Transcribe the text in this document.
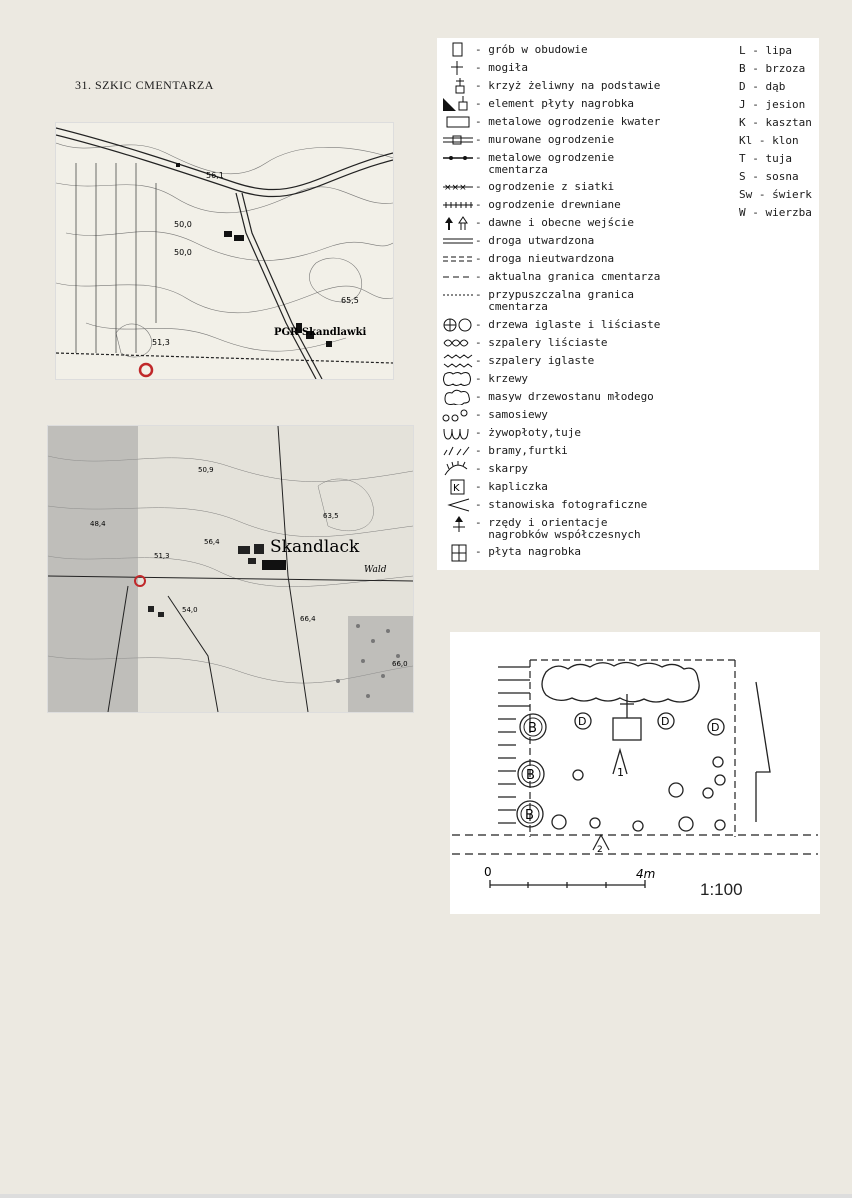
31. SZKIC CMENTARZA
56,1
50,0
50,0
65,5
51,3
PGR Skandlawki
50,9
48,4
56,4
51,3
63,5
Skandlack
Wald
54,0
66,4
66,0
- grób w obudowie
- mogiła
- krzyż żeliwny na podstawie
- element płyty nagrobka
- metalowe ogrodzenie kwater
- murowane ogrodzenie
- metalowe ogrodzenie
cmentarza
××× - ogrodzenie z siatki
- ogrodzenie drewniane
- dawne i obecne wejście
- droga utwardzona
- droga nieutwardzona
- aktualna granica cmentarza
- przypuszczalna granica
cmentarza
- drzewa iglaste i liściaste
- szpalery liściaste
- szpalery iglaste
- krzewy
- masyw drzewostanu młodego
- samosiewy
- żywopłoty,tuje
- bramy,furtki
- skarpy
K - kapliczka
- stanowiska fotograficzne
- rzędy i orientacje
nagrobków współczesnych
- płyta nagrobka
L - lipa
B - brzoza
D - dąb
J - jesion
K - kasztan
Kl - klon
T - tuja
S - sosna
Sw - świerk
W - wierzba
B
B
B
D	D	D
1
2
0	4m
1:100
